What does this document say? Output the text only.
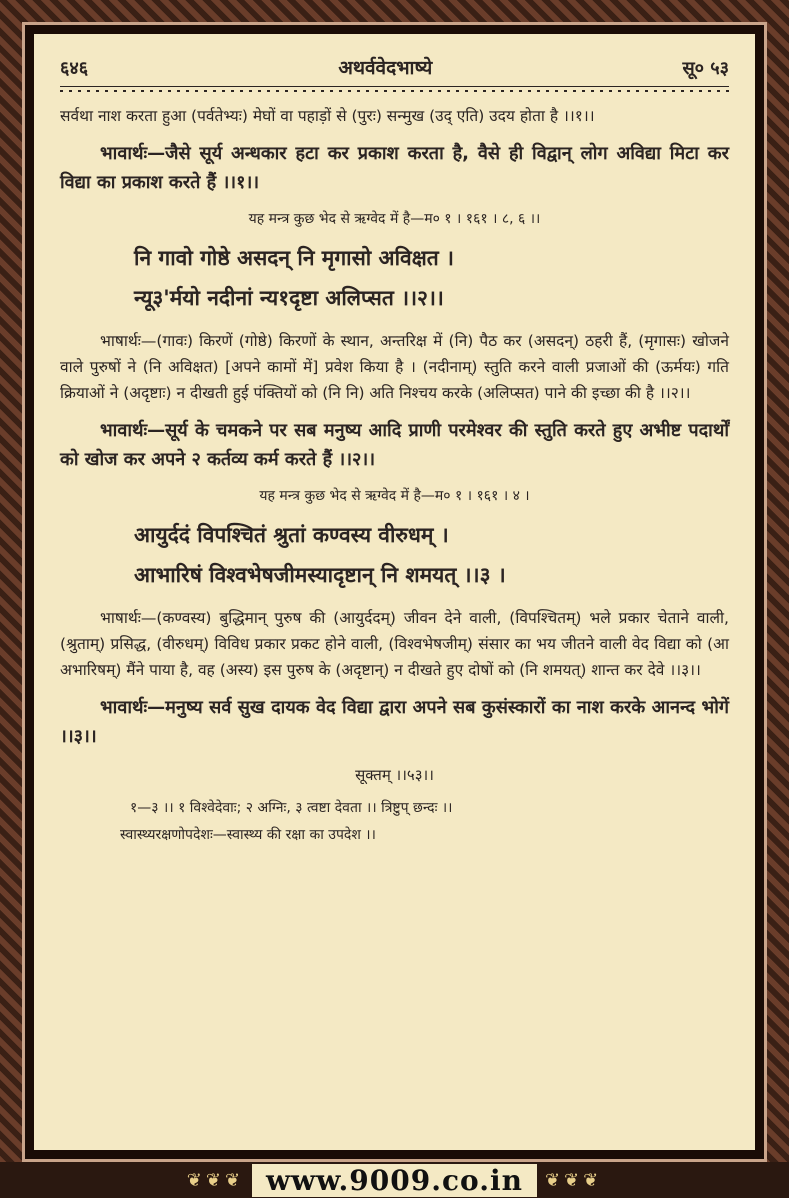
६४६	अथर्ववेदभाष्ये	सू० ५३

सर्वथा नाश करता हुआ (पर्वतेभ्यः) मेघों वा पहाड़ों से (पुरः) सन्मुख (उद् एति) उदय होता है ।।१।।

भावार्थः—जैसे सूर्य अन्धकार हटा कर प्रकाश करता है, वैसे ही विद्वान् लोग अविद्या मिटा कर विद्या का प्रकाश करते हैं ।।१।।

यह मन्त्र कुछ भेद से ऋग्वेद में है—म० १ । १६१ । ८, ६ ।।

नि गावो गोष्ठे असदन् नि मृगासो अविक्षत ।

न्यू३'र्मयो नदीनां न्य१दृष्टा अलिप्सत ।।२।।

भाषार्थः—(गावः) किरणें (गोष्ठे) किरणों के स्थान, अन्तरिक्ष में (नि) पैठ कर (असदन्) ठहरी हैं, (मृगासः) खोजने वाले पुरुषों ने (नि अविक्षत) [अपने कामों में] प्रवेश किया है । (नदीनाम्) स्तुति करने वाली प्रजाओं की (ऊर्मयः) गति क्रियाओं ने (अदृष्टाः) न दीखती हुई पंक्तियों को (नि नि) अति निश्चय करके (अलिप्सत) पाने की इच्छा की है ।।२।।

भावार्थः—सूर्य के चमकने पर सब मनुष्य आदि प्राणी परमेश्वर की स्तुति करते हुए अभीष्ट पदार्थों को खोज कर अपने २ कर्तव्य कर्म करते हैं ।।२।।

यह मन्त्र कुछ भेद से ऋग्वेद में है—म० १ । १६१ । ४ ।

आयुर्ददं विपश्चितं श्रुतां कण्वस्य वीरुधम् ।

आभारिषं विश्वभेषजीमस्यादृष्टान् नि शमयत् ।।३ ।

भाषार्थः—(कण्वस्य) बुद्धिमान् पुरुष की (आयुर्ददम्) जीवन देने वाली, (विपश्चितम्) भले प्रकार चेताने वाली, (श्रुताम्) प्रसिद्ध, (वीरुधम्) विविध प्रकार प्रकट होने वाली, (विश्वभेषजीम्) संसार का भय जीतने वाली वेद विद्या को (आ अभारिषम्) मैंने पाया है, वह (अस्य) इस पुरुष के (अदृष्टान्) न दीखते हुए दोषों को (नि शमयत्) शान्त कर देवे ।।३।।

भावार्थः—मनुष्य सर्व सुख दायक वेद विद्या द्वारा अपने सब कुसंस्कारों का नाश करके आनन्द भोगें ।।३।।

सूक्तम् ।।५३।।

१—३ ।। १ विश्वेदेवाः; २ अग्निः, ३ त्वष्टा देवता ।। त्रिष्टुप् छन्दः ।।

स्वास्थ्यरक्षणोपदेशः—स्वास्थ्य की रक्षा का उपदेश ।।

❦❦❦ www.9009.co.in	❦❦❦
